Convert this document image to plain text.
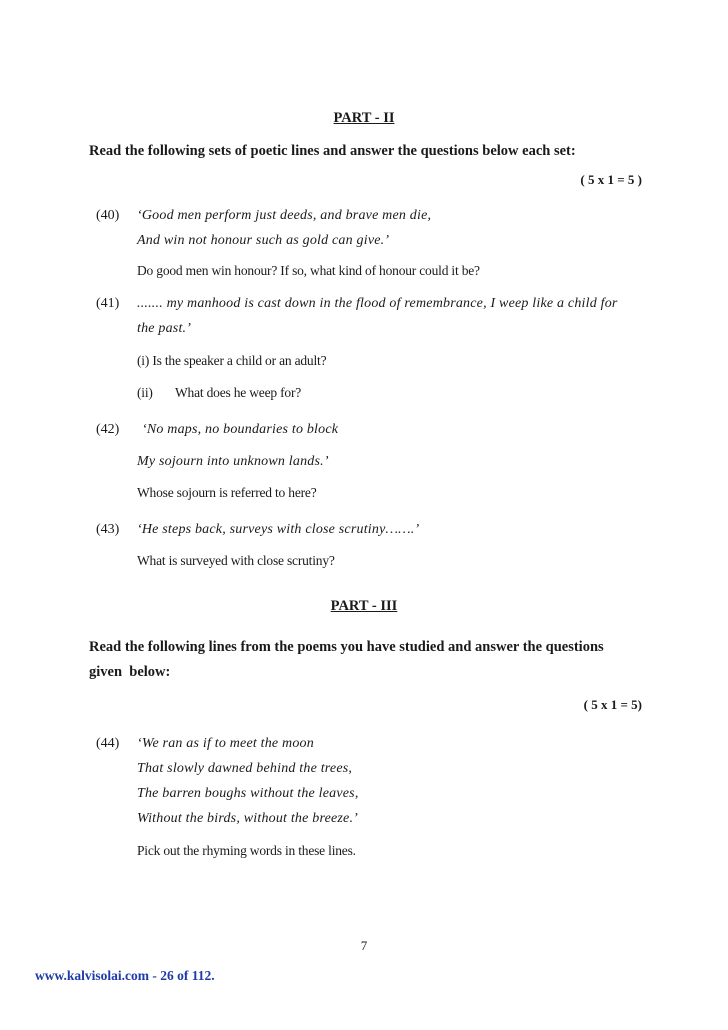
PART - II
Read the following sets of poetic lines and answer the questions below each set:
( 5 x 1 = 5 )
(40) ‘Good men perform just deeds, and brave men die,
And win not honour such as gold can give.’
Do good men win honour? If so, what kind of honour could it be?
(41) ....... my manhood is cast down in the flood of remembrance, I weep like a child for
the past.’
(i) Is the speaker a child or an adult?
(ii) What does he weep for?
(42) ‘No maps, no boundaries to block
My sojourn into unknown lands.’
Whose sojourn is referred to here?
(43) ‘He steps back, surveys with close scrutiny…….’
What is surveyed with close scrutiny?
PART - III
Read the following lines from the poems you have studied and answer the questions
given  below:
( 5 x 1 = 5)
(44) ‘We ran as if to meet the moon
That slowly dawned behind the trees,
The barren boughs without the leaves,
Without the birds, without the breeze.’
Pick out the rhyming words in these lines.
7
www.kalvisolai.com - 26 of 112.
